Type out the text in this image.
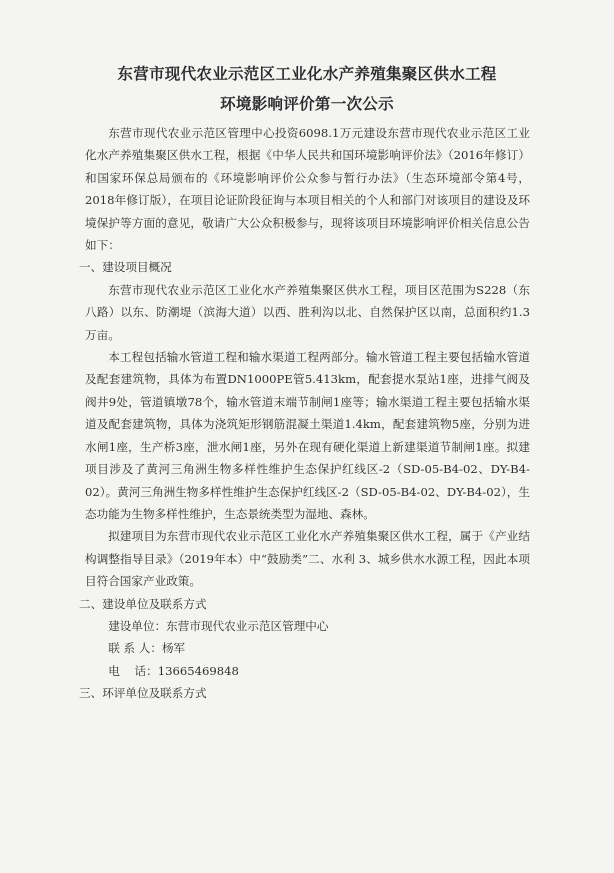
东营市现代农业示范区工业化水产养殖集聚区供水工程
环境影响评价第一次公示

东营市现代农业示范区管理中心投资6098.1万元建设东营市现代农业示范区工业化水产养殖集聚区供水工程，根据《中华人民共和国环境影响评价法》（2016年修订）和国家环保总局颁布的《环境影响评价公众参与暂行办法》（生态环境部令第4号，2018年修订版），在项目论证阶段征询与本项目相关的个人和部门对该项目的建设及环境保护等方面的意见，敬请广大公众积极参与，现将该项目环境影响评价相关信息公告如下：

一、建设项目概况

东营市现代农业示范区工业化水产养殖集聚区供水工程，项目区范围为S228（东八路）以东、防潮堤（滨海大道）以西、胜利沟以北、自然保护区以南，总面积约1.3万亩。

本工程包括输水管道工程和输水渠道工程两部分。输水管道工程主要包括输水管道及配套建筑物，具体为布置DN1000PE管5.413km，配套提水泵站1座，进排气阀及阀井9处，管道镇墩78个，输水管道末端节制闸1座等；输水渠道工程主要包括输水渠道及配套建筑物，具体为浇筑矩形钢筋混凝土渠道1.4km，配套建筑物5座，分别为进水闸1座，生产桥3座，泄水闸1座，另外在现有硬化渠道上新建渠道节制闸1座。拟建项目涉及了黄河三角洲生物多样性维护生态保护红线区-2（SD-05-B4-02、DY-B4-02）。黄河三角洲生物多样性维护生态保护红线区-2（SD-05-B4-02、DY-B4-02），生态功能为生物多样性维护，生态景统类型为湿地、森林。

拟建项目为东营市现代农业示范区工业化水产养殖集聚区供水工程，属于《产业结构调整指导目录》（2019年本）中“鼓励类”二、水利 3、城乡供水水源工程，因此本项目符合国家产业政策。

二、建设单位及联系方式
建设单位：东营市现代农业示范区管理中心
联 系 人：杨军
电    话：13665469848
三、环评单位及联系方式
